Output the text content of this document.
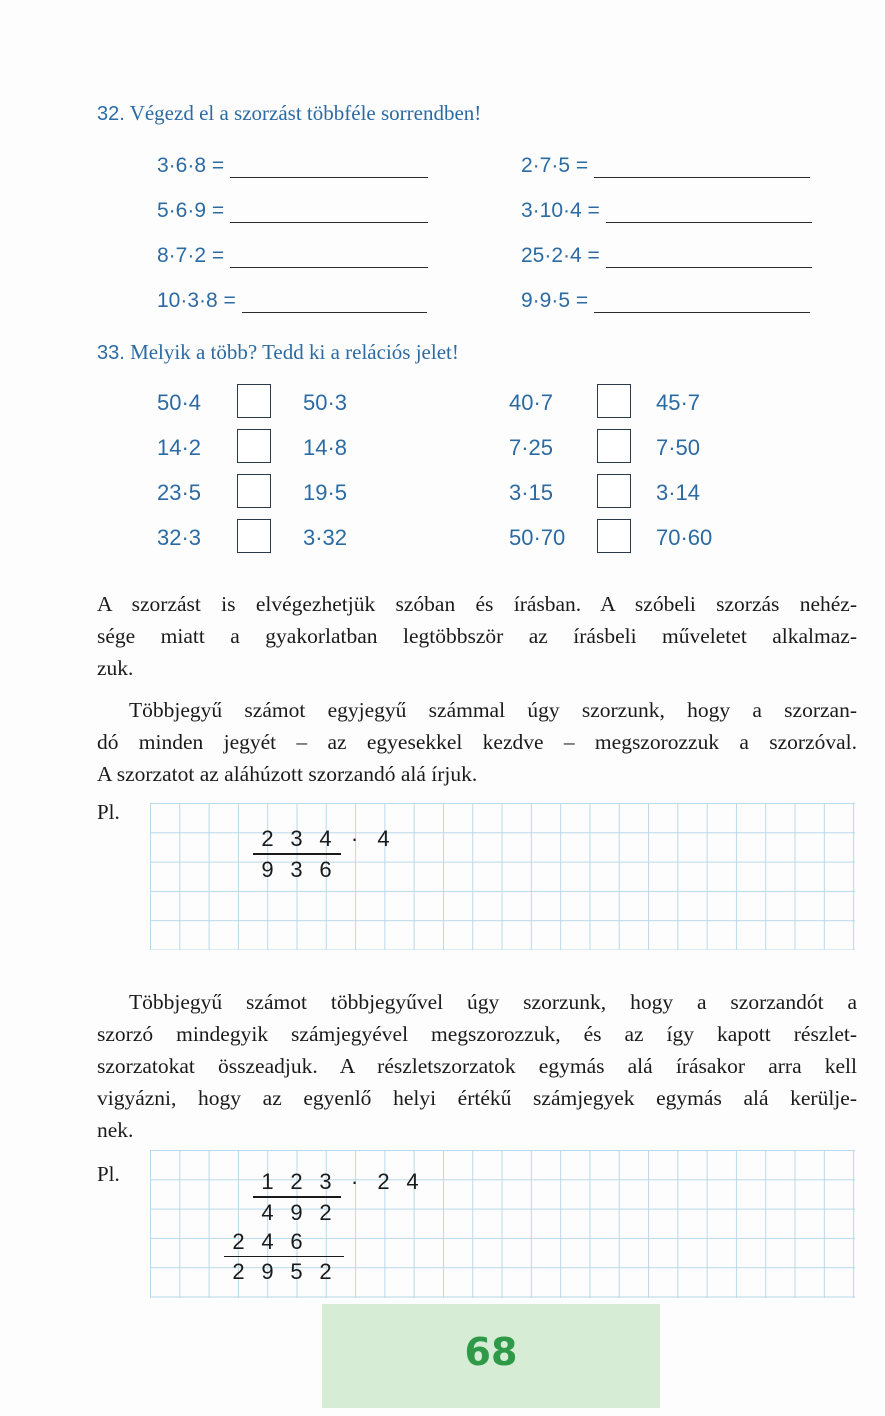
32. Végezd el a szorzást többféle sorrendben!
3·6·8 =
5·6·9 =
8·7·2 =
10·3·8 =
2·7·5 =
3·10·4 =
25·2·4 =
9·9·5 =
33. Melyik a több? Tedd ki a relációs jelet!
50·4	50·3
14·2	14·8
23·5	19·5
32·3	3·32
40·7	45·7
7·25	7·50
3·15	3·14
50·70	70·60
A szorzást is elvégezhetjük szóban és írásban. A szóbeli szorzás nehéz-
sége miatt a gyakorlatban legtöbbször az írásbeli műveletet alkalmaz-
zuk.
Többjegyű számot egyjegyű számmal úgy szorzunk, hogy a szorzan-
dó minden jegyét – az egyesekkel kezdve – megszorozzuk a szorzóval.
A szorzatot az aláhúzott szorzandó alá írjuk.
Pl.
2 3 4 · 4
9 3 6
Többjegyű számot többjegyűvel úgy szorzunk, hogy a szorzandót a
szorzó mindegyik számjegyével megszorozzuk, és az így kapott részlet-
szorzatokat összeadjuk. A részletszorzatok egymás alá írásakor arra kell
vigyázni, hogy az egyenlő helyi értékű számjegyek egymás alá kerülje-
nek.
Pl.	1 2 3 · 2 4
4 9 2
2 4 6
2 9 5 2
68
